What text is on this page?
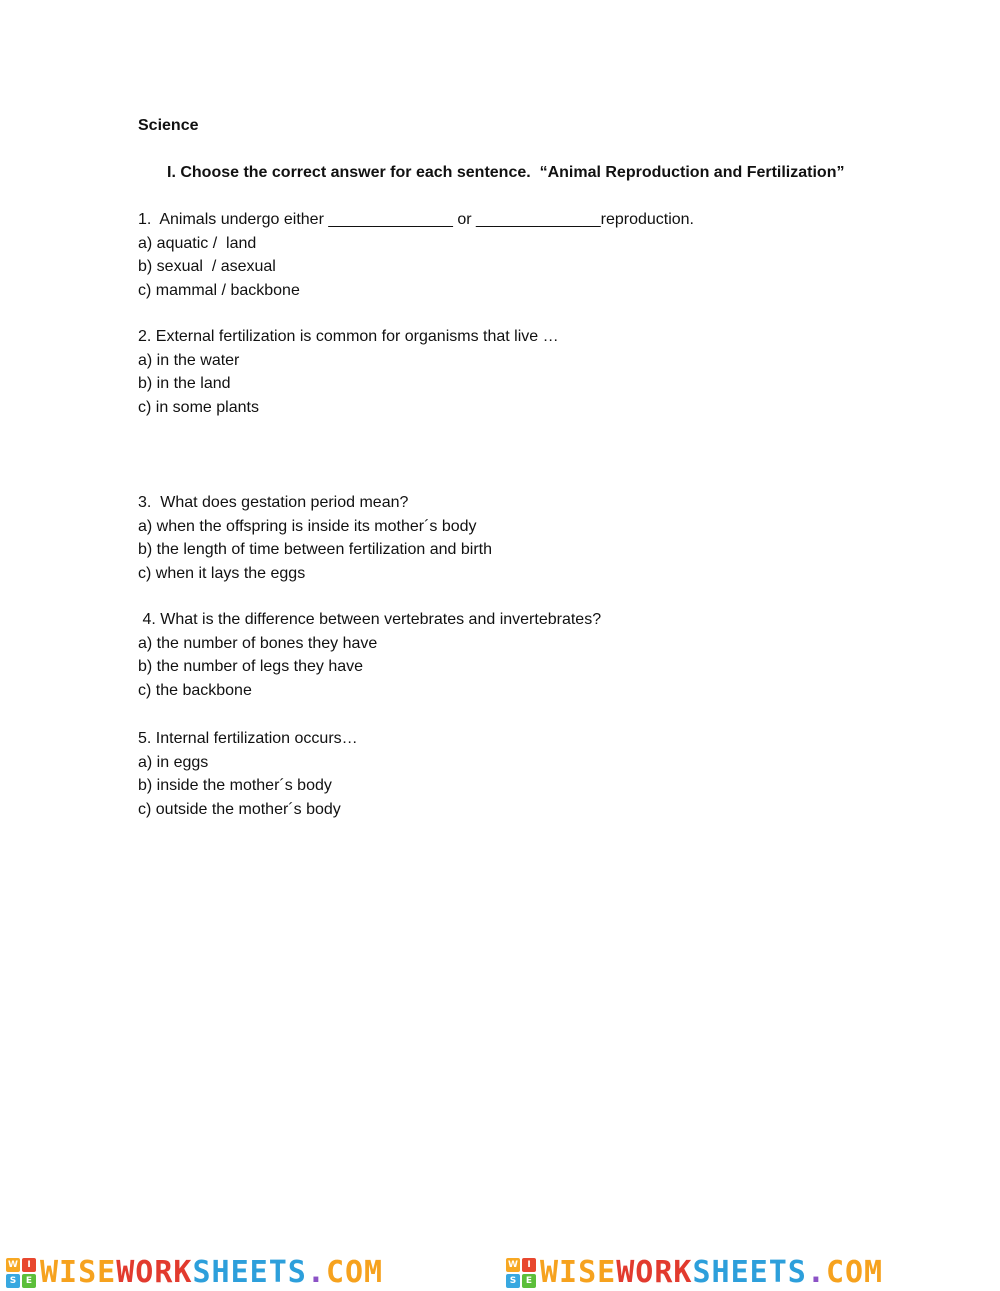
Science
I. Choose the correct answer for each sentence.  “Animal Reproduction and Fertilization”
1.  Animals undergo either ______________ or ______________reproduction.
a) aquatic /  land
b) sexual  / asexual
c) mammal / backbone
2. External fertilization is common for organisms that live …
a) in the water
b) in the land
c) in some plants
3.  What does gestation period mean?
a) when the offspring is inside its mother´s body
b) the length of time between fertilization and birth
c) when it lays the eggs
4. What is the difference between vertebrates and invertebrates?
a) the number of bones they have
b) the number of legs they have
c) the backbone
5. Internal fertilization occurs…
a) in eggs
b) inside the mother´s body
c) outside the mother´s body
W	I
S	E WISEWORKSHEETS.COM	W	I
S	E WISEWORKSHEETS.COM
